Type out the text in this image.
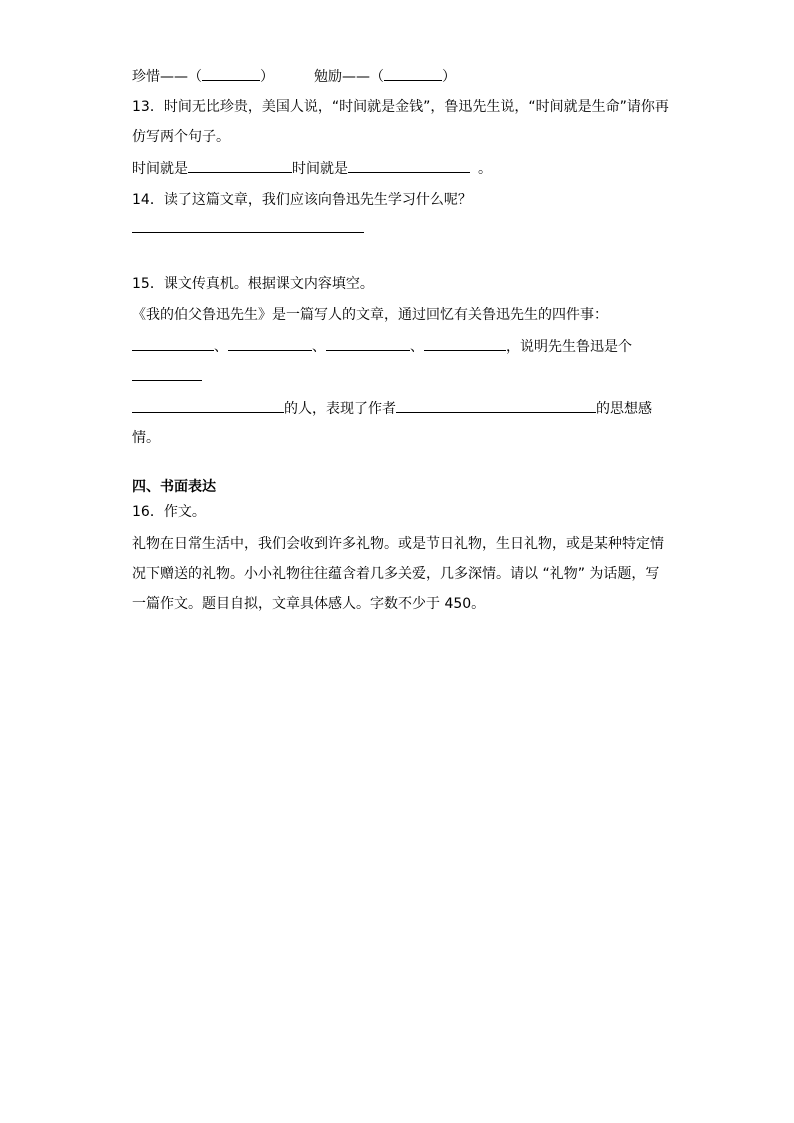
珍惜——（	）	勉励——（	）
13．时间无比珍贵，美国人说，“时间就是金钱”，鲁迅先生说，“时间就是生命”请你再
仿写两个句子。
时间就是	时间就是	。
14．读了这篇文章，我们应该向鲁迅先生学习什么呢？
15．课文传真机。根据课文内容填空。
《我的伯父鲁迅先生》是一篇写人的文章，通过回忆有关鲁迅先生的四件事：
、	、	、	，说明先生鲁迅是个
的人，表现了作者	的思想感
情。
四、书面表达
16．作文。
礼物在日常生活中，我们会收到许多礼物。或是节日礼物，生日礼物，或是某种特定情
况下赠送的礼物。小小礼物往往蕴含着几多关爱，几多深情。请以 “礼物” 为话题，写
一篇作文。题目自拟，文章具体感人。字数不少于 450。
